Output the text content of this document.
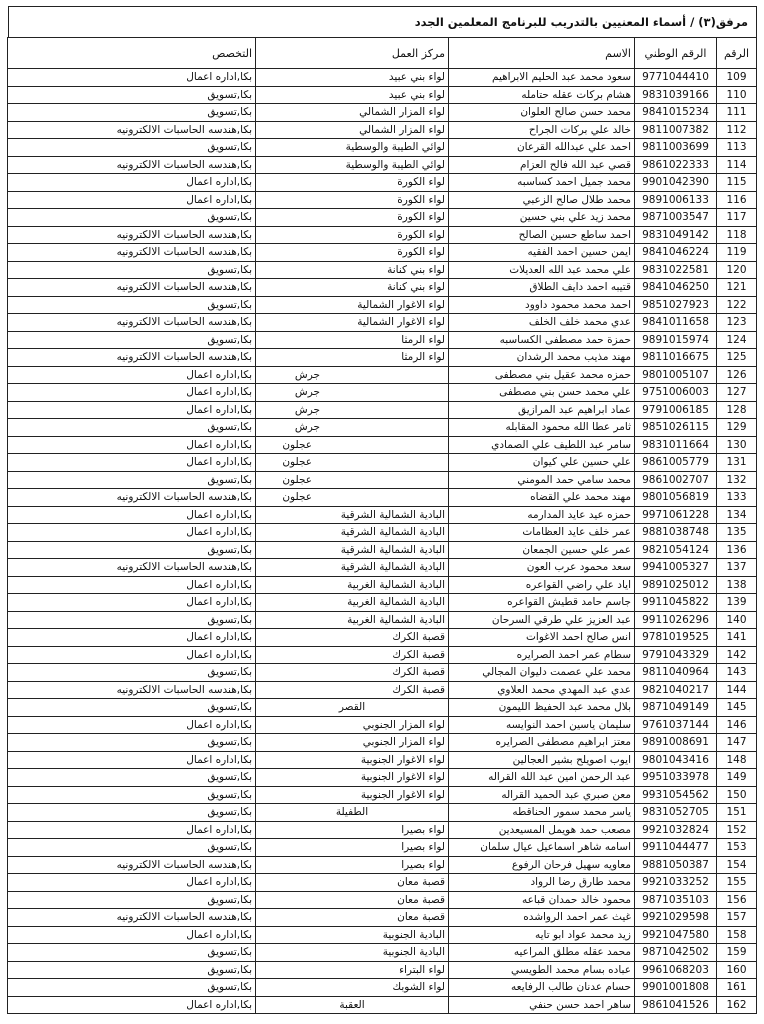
مرفق(٣) / أسماء المعنيين بالتدريب للبرنامج المعلمين الجدد
الرقم	الرقم الوطني	الاسم	مركز العمل	التخصص
109	9771044410	سعود محمد عبد الحليم الابراهيم	لواء بني عبيد	بكا,اداره اعمال
110	9831039166	هشام بركات عقله حتامله	لواء بني عبيد	بكا,تسويق
111	9841015234	محمد حسن صالح العلوان	لواء المزار الشمالي	بكا,تسويق
112	9811007382	خالد علي بركات الجراح	لواء المزار الشمالي	بكا,هندسه الحاسبات الالكترونيه
113	9811003699	احمد علي عبدالله القرعان	لوائي الطيبة والوسطية	بكا,تسويق
114	9861022333	قصي عبد الله فالح العزام	لوائي الطيبة والوسطية	بكا,هندسه الحاسبات الالكترونيه
115	9901042390	محمد جميل احمد كساسبه	لواء الكورة	بكا,اداره اعمال
116	9891006133	محمد طلال صالح الزعبي	لواء الكورة	بكا,اداره اعمال
117	9871003547	محمد زيد علي بني حسين	لواء الكورة	بكا,تسويق
118	9831049142	احمد ساطع حسين الصالح	لواء الكورة	بكا,هندسه الحاسبات الالكترونيه
119	9841046224	ايمن حسين احمد الفقيه	لواء الكورة	بكا,هندسه الحاسبات الالكترونيه
120	9831022581	علي محمد عبد الله العديلات	لواء بني كنانة	بكا,تسويق
121	9841046250	قتيبه احمد دايف الطلاق	لواء بني كنانة	بكا,هندسه الحاسبات الالكترونيه
122	9851027923	احمد محمد محمود داوود	لواء الاغوار الشمالية	بكا,تسويق
123	9841011658	عدي محمد خلف الخلف	لواء الاغوار الشمالية	بكا,هندسه الحاسبات الالكترونيه
124	9891015974	حمزة حمد مصطفى الكساسبه	لواء الرمثا	بكا,تسويق
125	9811016675	مهند مذيب محمد الرشدان	لواء الرمثا	بكا,هندسه الحاسبات الالكترونيه
126	9801005107	حمزه محمد عقيل بني مصطفى	جرش	بكا,اداره اعمال
127	9751006003	علي محمد حسن بني مصطفى	جرش	بكا,اداره اعمال
128	9791006185	عماد ابراهيم عبد المرازيق	جرش	بكا,اداره اعمال
129	9851026115	ثامر عطا الله محمود المقابله	جرش	بكا,تسويق
130	9831011664	سامر عبد اللطيف علي الصمادي	عجلون	بكا,اداره اعمال
131	9861005779	علي حسين علي كيوان	عجلون	بكا,اداره اعمال
132	9861002707	محمد سامي حمد المومني	عجلون	بكا,تسويق
133	9801056819	مهند محمد علي القضاه	عجلون	بكا,هندسه الحاسبات الالكترونيه
134	9971061228	حمزه عيد عايد المدارمه	البادية الشمالية الشرقية	بكا,اداره اعمال
135	9881038748	عمر خلف عايد العظامات	البادية الشمالية الشرقية	بكا,اداره اعمال
136	9821054124	عمر علي حسين الجمعان	البادية الشمالية الشرقية	بكا,تسويق
137	9941005327	سعد محمود عرب العون	البادية الشمالية الشرقية	بكا,هندسه الحاسبات الالكترونيه
138	9891025012	اياد علي راضي القواعره	البادية الشمالية الغربية	بكا,اداره اعمال
139	9911045822	جاسم حامد قطيش القواعره	البادية الشمالية الغربية	بكا,اداره اعمال
140	9911026296	عبد العزيز علي طرقي السرحان	البادية الشمالية الغربية	بكا,تسويق
141	9781019525	انس صالح احمد الاغوات	قصبة الكرك	بكا,اداره اعمال
142	9791043329	سطام عمر احمد الصرايره	قصبة الكرك	بكا,اداره اعمال
143	9811040964	محمد علي عصمت دليوان المجالي	قصبة الكرك	بكا,تسويق
144	9821040217	عدي عبد المهدي محمد العلاوي	قصبة الكرك	بكا,هندسه الحاسبات الالكترونيه
145	9871049149	بلال محمد عبد الحفيظ الليمون	القصر	بكا,تسويق
146	9761037144	سليمان ياسين احمد النوايسه	لواء المزار الجنوبي	بكا,اداره اعمال
147	9891008691	معتز ابراهيم مصطفى الصرايره	لواء المزار الجنوبي	بكا,تسويق
148	9801043416	ايوب اصويلح بشير العجالين	لواء الاغوار الجنوبية	بكا,اداره اعمال
149	9951033978	عبد الرحمن امين عبد الله القراله	لواء الاغوار الجنوبية	بكا,تسويق
150	9931054562	معن صبري عبد الحميد القراله	لواء الاغوار الجنوبية	بكا,تسويق
151	9831052705	ياسر محمد سمور الحناقطه	الطفيلة	بكا,تسويق
152	9921032824	مصعب حمد هويمل المسيعدين	لواء بصيرا	بكا,اداره اعمال
153	9911044477	اسامه شاهر اسماعيل عيال سلمان	لواء بصيرا	بكا,تسويق
154	9881050387	معاويه سهيل فرحان الرفوع	لواء بصيرا	بكا,هندسه الحاسبات الالكترونيه
155	9921033252	محمد طارق رضا الرواد	قصبة معان	بكا,اداره اعمال
156	9871035103	محمود خالد حمدان قباعه	قصبة معان	بكا,تسويق
157	9921029598	غيث عمر احمد الرواشده	قصبة معان	بكا,هندسه الحاسبات الالكترونيه
158	9921047580	زيد محمد عواد ابو تايه	البادية الجنوبية	بكا,اداره اعمال
159	9871042502	محمد عقله مطلق المراعيه	البادية الجنوبية	بكا,تسويق
160	9961068203	عباده بسام محمد الطويسي	لواء البتراء	بكا,تسويق
161	9901001808	حسام عدنان طالب الرفايعه	لواء الشوبك	بكا,تسويق
162	9861041526	ساهر احمد حسن حنفي	العقبة	بكا,اداره اعمال
